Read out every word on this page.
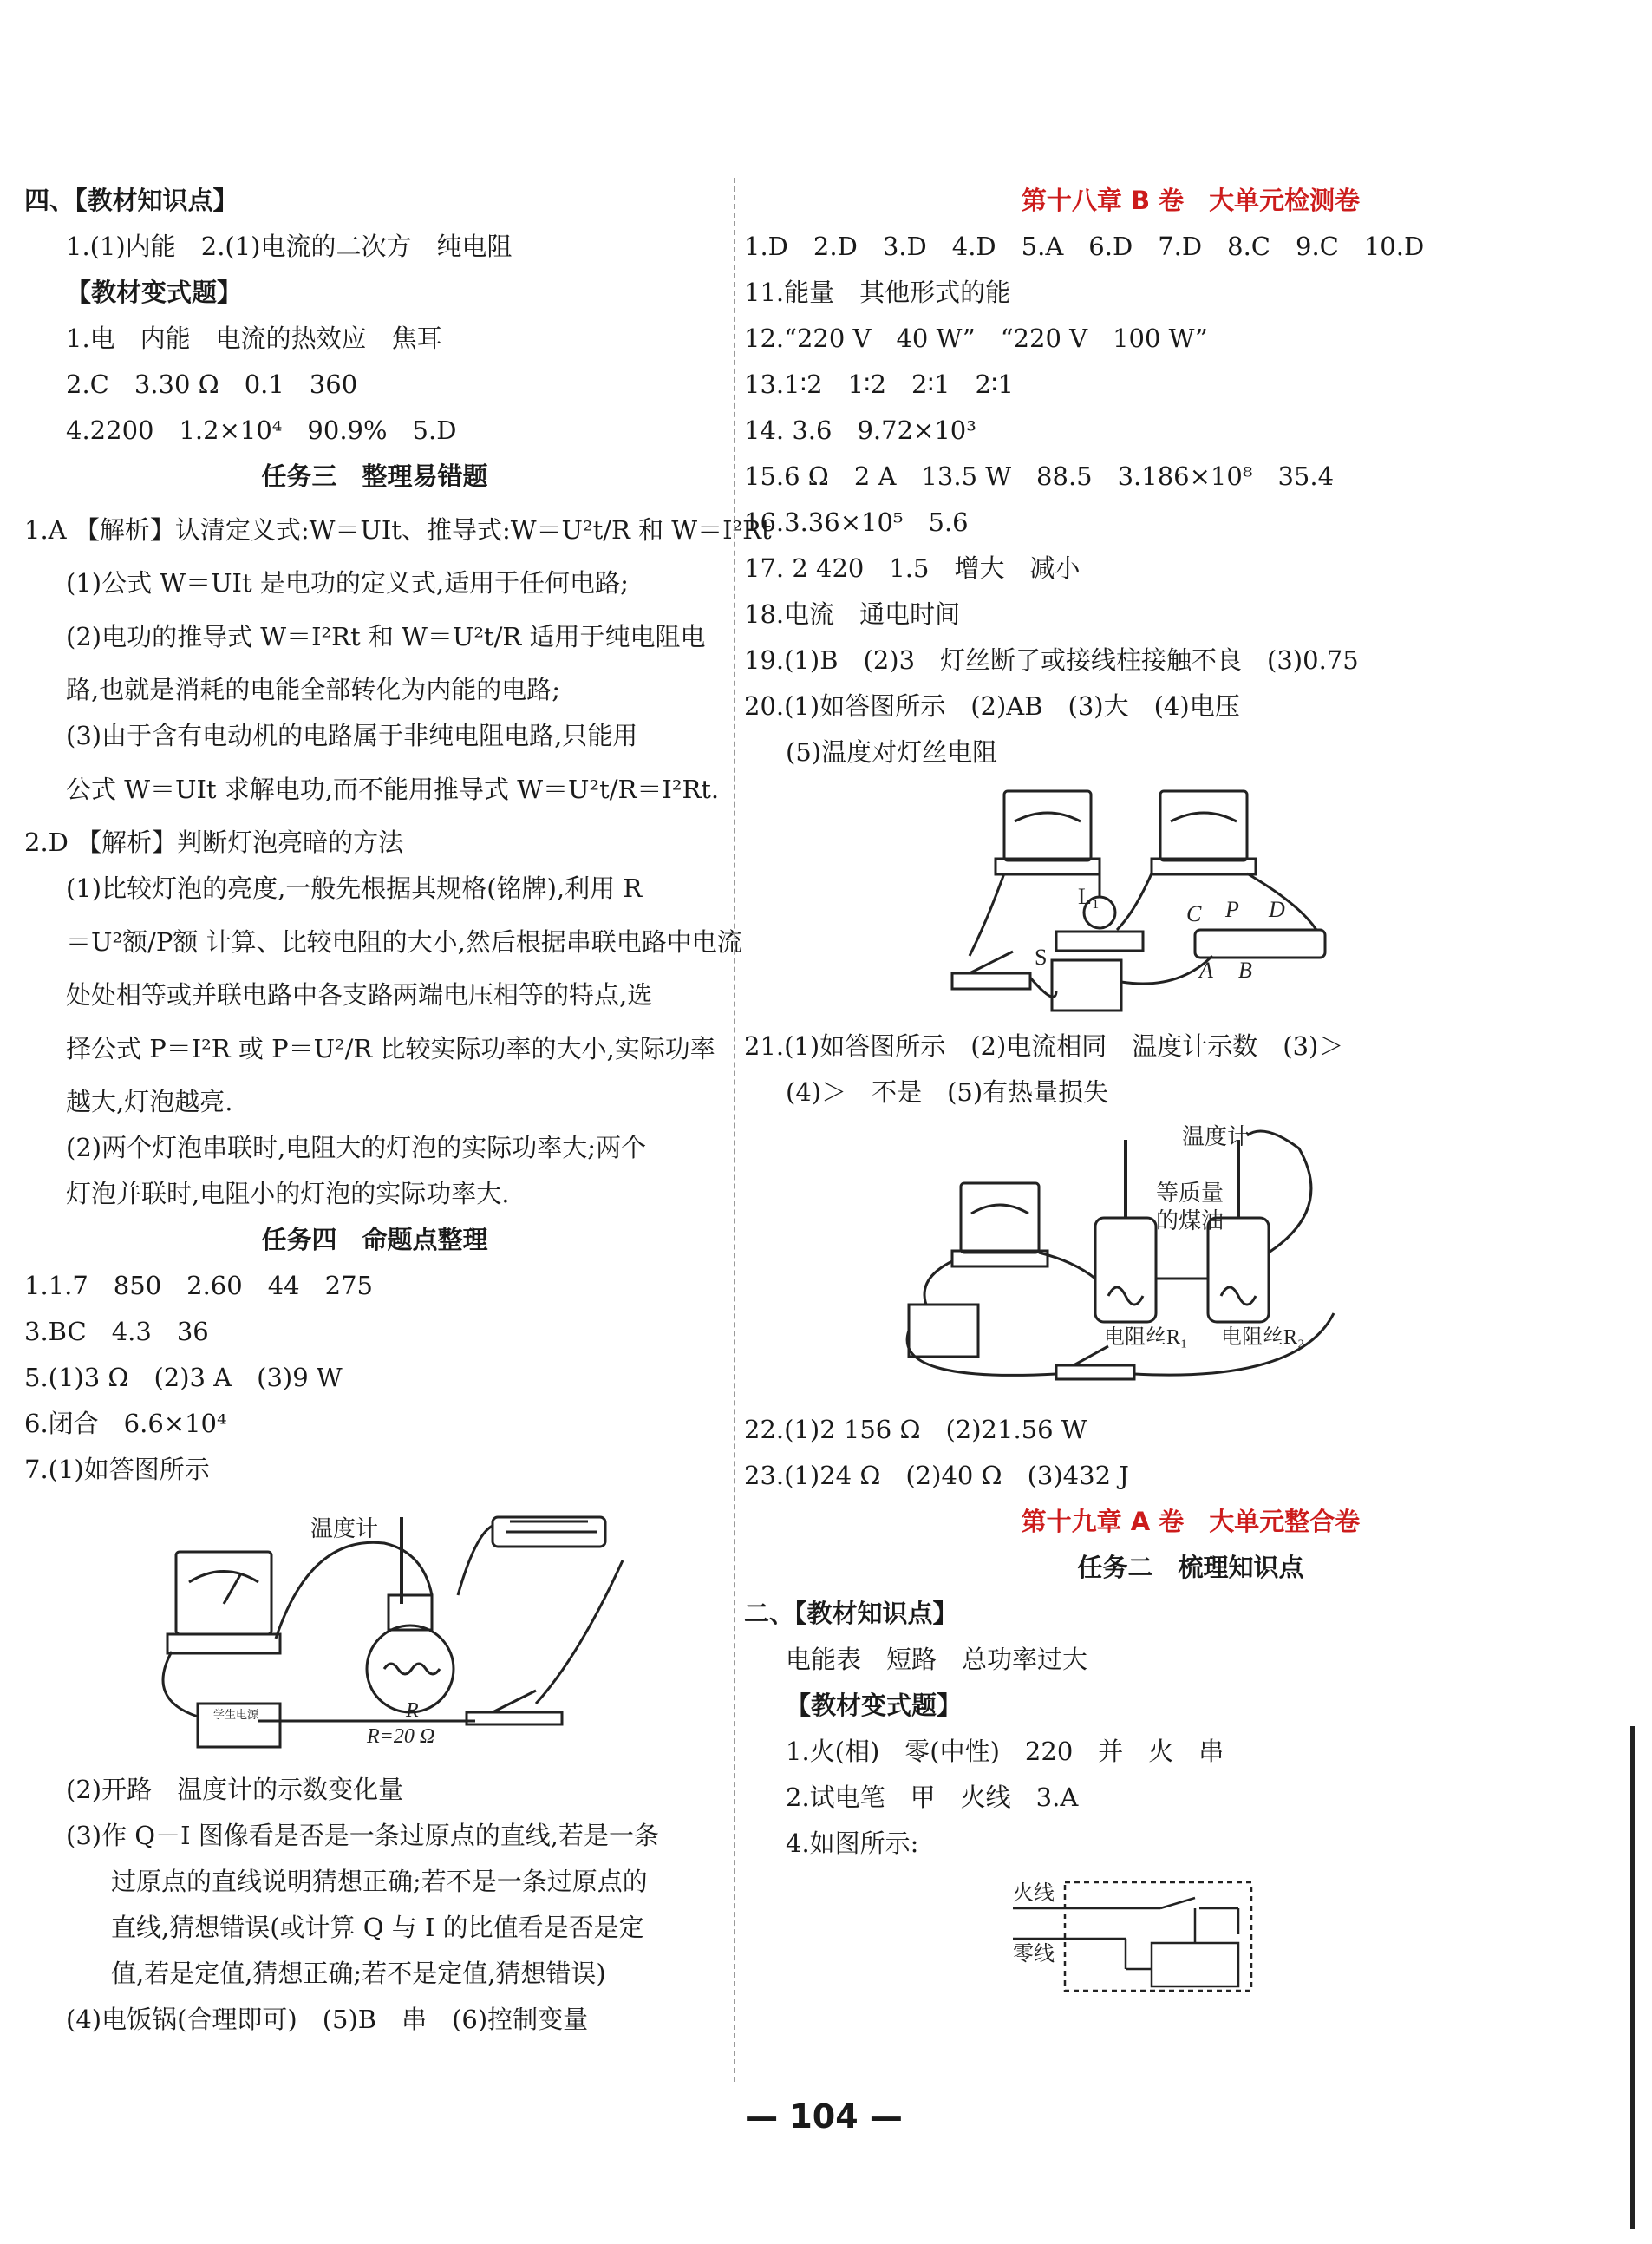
四、【教材知识点】
1.(1)内能　2.(1)电流的二次方　纯电阻
【教材变式题】
1.电　内能　电流的热效应　焦耳
2.C　3.30 Ω　0.1　360
4.2200　1.2×10⁴　90.9%　5.D
任务三　整理易错题
1.A 【解析】认清定义式:W＝UIt、推导式:W＝U²t/R 和 W＝I²Rt
(1)公式 W＝UIt 是电功的定义式,适用于任何电路;
(2)电功的推导式 W＝I²Rt 和 W＝U²t/R 适用于纯电阻电
路,也就是消耗的电能全部转化为内能的电路;
(3)由于含有电动机的电路属于非纯电阻电路,只能用
公式 W＝UIt 求解电功,而不能用推导式 W＝U²t/R＝I²Rt.
2.D 【解析】判断灯泡亮暗的方法
(1)比较灯泡的亮度,一般先根据其规格(铭牌),利用 R
＝U²额/P额 计算、比较电阻的大小,然后根据串联电路中电流
处处相等或并联电路中各支路两端电压相等的特点,选
择公式 P＝I²R 或 P＝U²/R 比较实际功率的大小,实际功率
越大,灯泡越亮.
(2)两个灯泡串联时,电阻大的灯泡的实际功率大;两个
灯泡并联时,电阻小的灯泡的实际功率大.
任务四　命题点整理
1.1.7　850　2.60　44　275
3.BC　4.3　36
5.(1)3 Ω　(2)3 A　(3)9 W
6.闭合　6.6×10⁴
7.(1)如答图所示
温度计
R
R=20 Ω
学生电源
(2)开路　温度计的示数变化量
(3)作 Q－I 图像看是否是一条过原点的直线,若是一条
过原点的直线说明猜想正确;若不是一条过原点的
直线,猜想错误(或计算 Q 与 I 的比值看是否是定
值,若是定值,猜想正确;若不是定值,猜想错误)
(4)电饭锅(合理即可)　(5)B　串　(6)控制变量
第十八章 B 卷　大单元检测卷
1.D　2.D　3.D　4.D　5.A　6.D　7.D　8.C　9.C　10.D
11.能量　其他形式的能
12.“220 V　40 W”　“220 V　100 W”
13.1∶2　1∶2　2∶1　2∶1
14. 3.6　9.72×10³
15.6 Ω　2 A　13.5 W　88.5　3.186×10⁸　35.4
16.3.36×10⁵　5.6
17. 2 420　1.5　增大　减小
18.电流　通电时间
19.(1)B　(2)3　灯丝断了或接线柱接触不良　(3)0.75
20.(1)如答图所示　(2)AB　(3)大　(4)电压
(5)温度对灯丝电阻
L₁
S
C P D
A B
21.(1)如答图所示　(2)电流相同　温度计示数　(3)＞
(4)＞　不是　(5)有热量损失
温度计
等质量
的煤油
电阻丝R₁ 电阻丝R₂
22.(1)2 156 Ω　(2)21.56 W
23.(1)24 Ω　(2)40 Ω　(3)432 J
第十九章 A 卷　大单元整合卷
任务二　梳理知识点
二、【教材知识点】
电能表　短路　总功率过大
【教材变式题】
1.火(相)　零(中性)　220　并　火　串
2.试电笔　甲　火线　3.A
4.如图所示:
火线
零线
— 104 —
